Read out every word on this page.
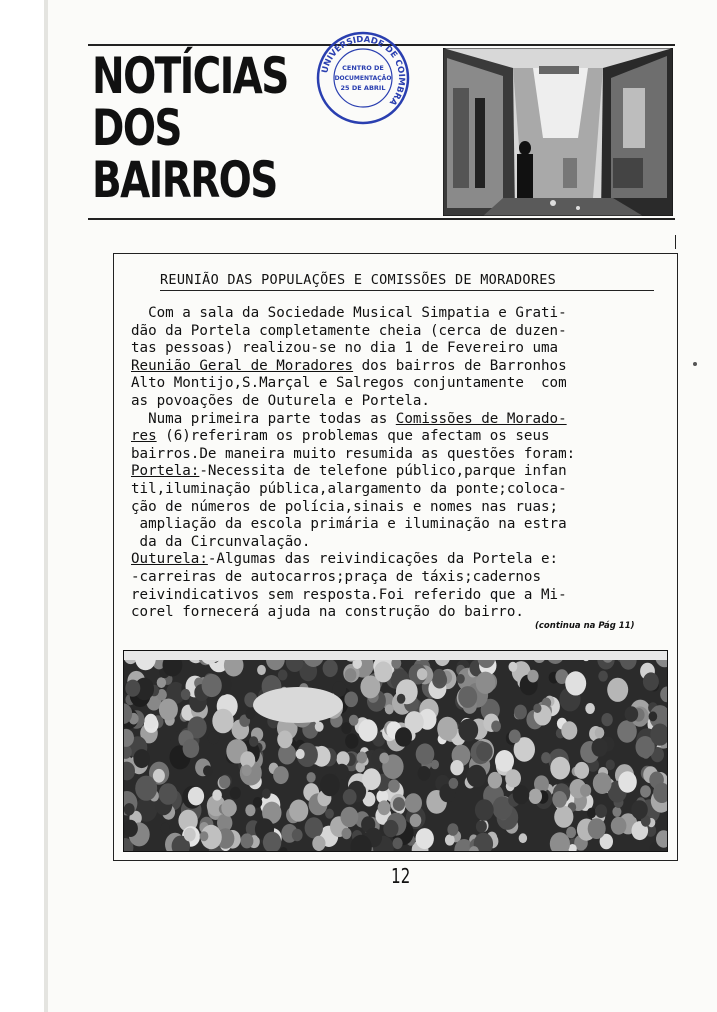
NOTÍCIAS
DOS
BAIRROS
UNIVERSIDADE DE COIMBRA
CENTRO DE
DOCUMENTAÇÃO
25 DE ABRIL
REUNIÃO DAS POPULAÇÕES E COMISSÕES DE MORADORES

Com a sala da Sociedade Musical Simpatia e Grati-

dão da Portela completamente cheia (cerca de duzen-

tas pessoas) realizou-se no dia 1 de Fevereiro uma

Reunião Geral de Moradores dos bairros de Barronhos

Alto Montijo,S.Marçal e Salregos conjuntamente  com

as povoações de Outurela e Portela.

Numa primeira parte todas as Comissões de Morado-

res (6)referiram os problemas que afectam os seus

bairros.De maneira muito resumida as questões foram:

Portela:-Necessita de telefone público,parque infan

til,iluminação pública,alargamento da ponte;coloca-

ção de números de polícia,sinais e nomes nas ruas;

ampliação da escola primária e iluminação na estra

da da Circunvalação.

Outurela:-Algumas das reivindicações da Portela e:

-carreiras de autocarros;praça de táxis;cadernos

reivindicativos sem resposta.Foi referido que a Mi-

corel fornecerá ajuda na construção do bairro.

(continua na Pág 11)
12
